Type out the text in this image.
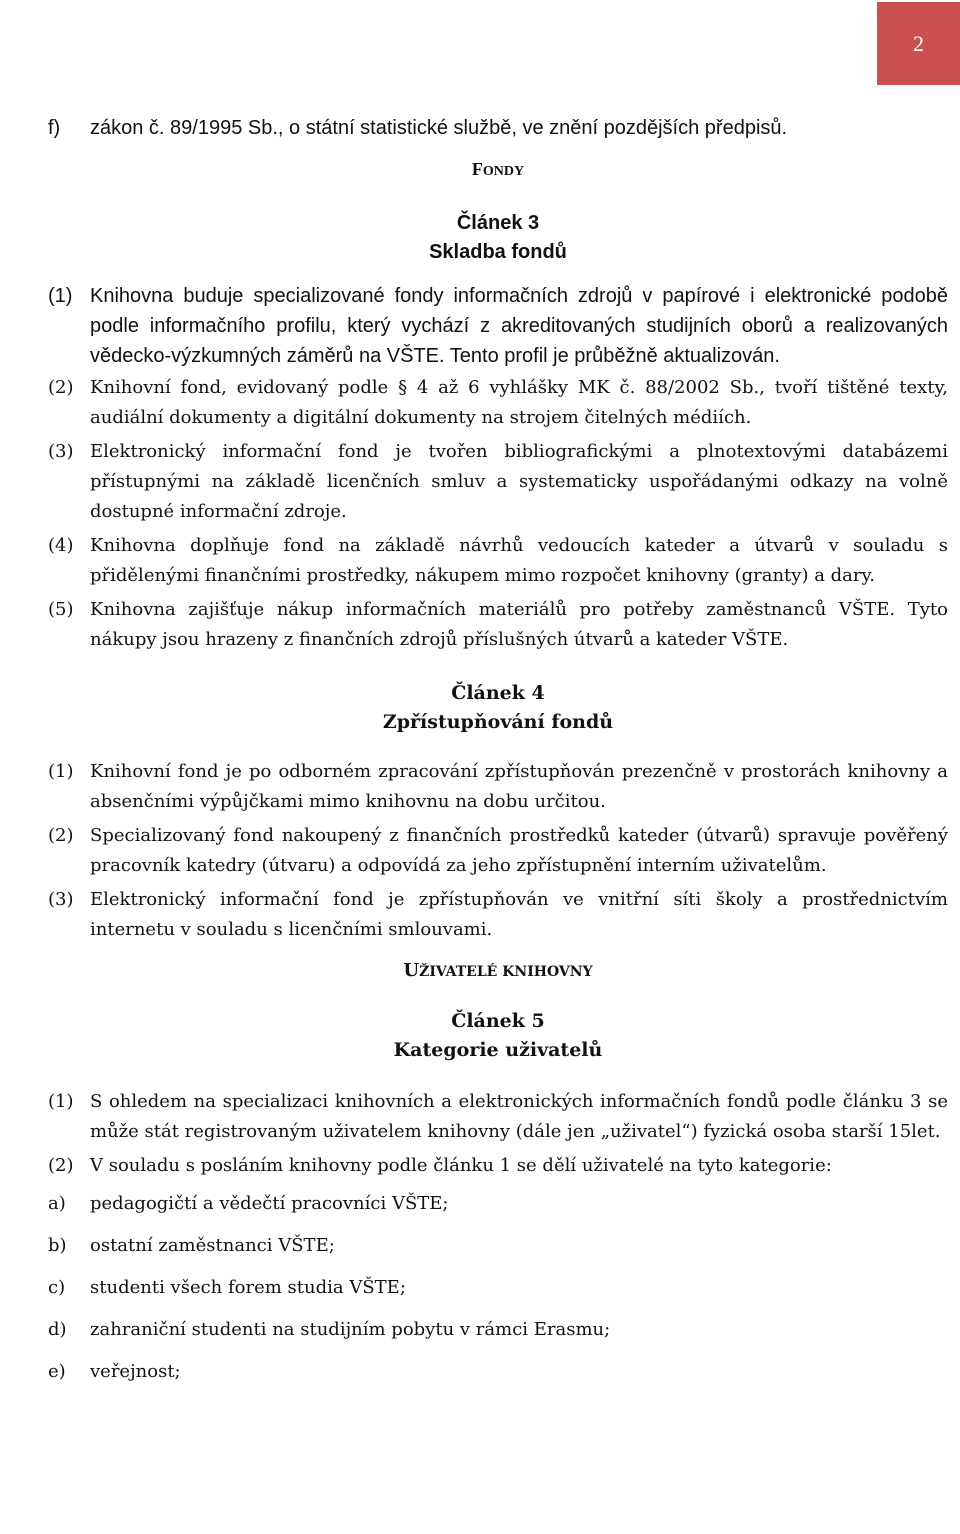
2
f)	zákon č. 89/1995 Sb., o státní statistické službě, ve znění pozdějších předpisů.
FONDY
Článek 3
Skladba fondů
(1) Knihovna buduje specializované fondy informačních zdrojů v papírové i elektronické podobě podle informačního profilu, který vychází z akreditovaných studijních oborů a realizovaných vědecko-výzkumných záměrů na VŠTE. Tento profil je průběžně aktualizován.
(2) Knihovní fond, evidovaný podle § 4 až 6 vyhlášky MK č. 88/2002 Sb., tvoří tištěné texty, audiální dokumenty a digitální dokumenty na strojem čitelných médiích.
(3) Elektronický informační fond je tvořen bibliografickými a plnotextovými databázemi přístupnými na základě licenčních smluv a systematicky uspořádanými odkazy na volně dostupné informační zdroje.
(4) Knihovna doplňuje fond na základě návrhů vedoucích kateder a útvarů v souladu s přidělenými finančními prostředky, nákupem mimo rozpočet knihovny (granty) a dary.
(5) Knihovna zajišťuje nákup informačních materiálů pro potřeby zaměstnanců VŠTE. Tyto nákupy jsou hrazeny z finančních zdrojů příslušných útvarů a kateder VŠTE.
Článek 4
Zpřístupňování fondů
(1) Knihovní fond je po odborném zpracování zpřístupňován prezenčně v prostorách knihovny a absenčními výpůjčkami mimo knihovnu na dobu určitou.
(2) Specializovaný fond nakoupený z finančních prostředků kateder (útvarů) spravuje pověřený pracovník katedry (útvaru) a odpovídá za jeho zpřístupnění interním uživatelům.
(3) Elektronický informační fond je zpřístupňován ve vnitřní síti školy a prostřednictvím internetu v souladu s licenčními smlouvami.
UŽIVATELÉ KNIHOVNY
Článek 5
Kategorie uživatelů
(1) S ohledem na specializaci knihovních a elektronických informačních fondů podle článku 3 se může stát registrovaným uživatelem knihovny (dále jen „uživatel“) fyzická osoba starší 15let.
(2) V souladu s posláním knihovny podle článku 1 se dělí uživatelé na tyto kategorie:
a)	pedagogičtí a vědečtí pracovníci VŠTE;
b)	ostatní zaměstnanci VŠTE;
c)	studenti všech forem studia VŠTE;
d)	zahraniční studenti na studijním pobytu v rámci Erasmu;
e)	veřejnost;
